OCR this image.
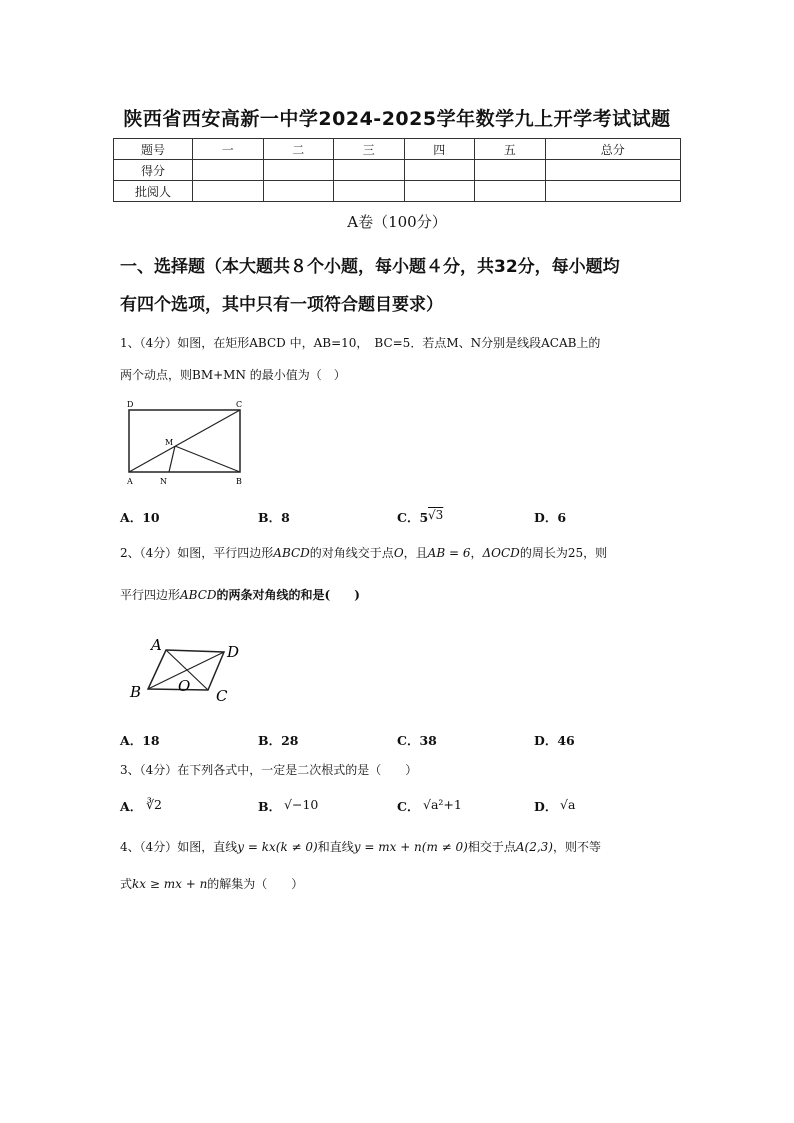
陕西省西安高新一中学2024-2025学年数学九上开学考试试题
题号	一	二	三	四	五	总分
得分						
批阅人						
A卷（100分）
一、选择题（本大题共８个小题，每小题４分，共32分，每小题均
有四个选项，其中只有一项符合题目要求）
1、（4分）如图，在矩形ABCD 中，AB=10，　BC=5．若点M、N分别是线段ACAB上的
两个动点，则BM+MN 的最小值为（　）
D	C
M
A	N	B
A．10	B．8	C．5 √3	D．6
2、（4分）如图，平行四边形ABCD的对角线交于点O，且AB = 6，ΔOCD的周长为25，则
平行四边形ABCD的两条对角线的和是(　　)
A	D
B O
C
A．18	B．28	C．38	D．46
3、（4分）在下列各式中，一定是二次根式的是（　　）
A． ∛2	B． √−10	C． √a²+1	D． √a
4、（4分）如图，直线y = kx(k ≠ 0)和直线y = mx + n(m ≠ 0)相交于点A(2,3)，则不等
式kx ≥ mx + n的解集为（　　）
